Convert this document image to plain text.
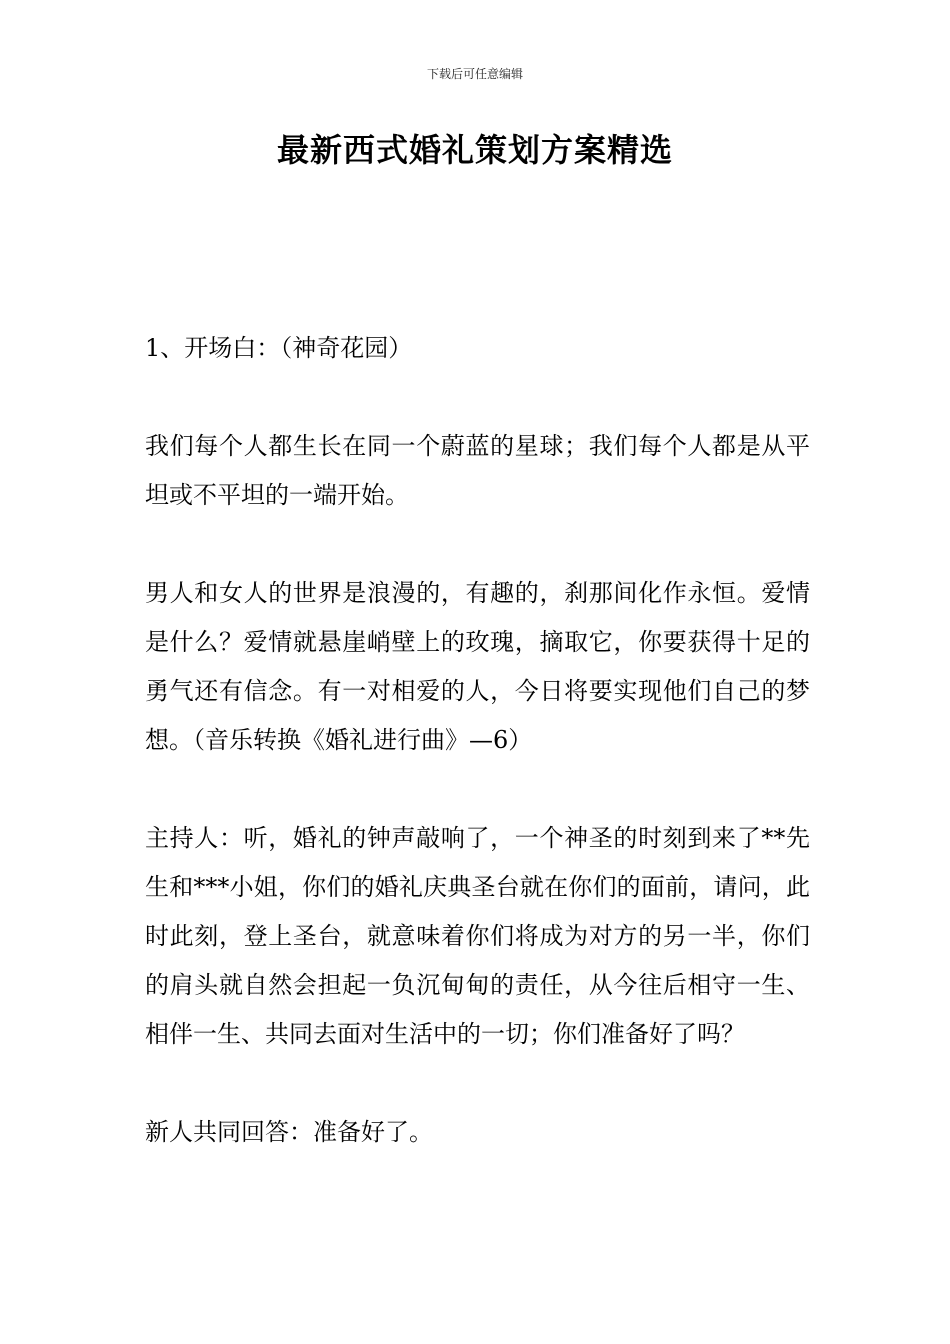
下载后可任意编辑
最新西式婚礼策划方案精选

1、开场白：（神奇花园）

我们每个人都生长在同一个蔚蓝的星球；我们每个人都是从平坦或不平坦的一端开始。

男人和女人的世界是浪漫的，有趣的，刹那间化作永恒。爱情是什么？爱情就悬崖峭壁上的玫瑰，摘取它，你要获得十足的勇气还有信念。有一对相爱的人，今日将要实现他们自己的梦想。（音乐转换《婚礼进行曲》—6）

主持人：听，婚礼的钟声敲响了，一个神圣的时刻到来了**先生和***小姐，你们的婚礼庆典圣台就在你们的面前，请问，此时此刻，登上圣台，就意味着你们将成为对方的另一半，你们的肩头就自然会担起一负沉甸甸的责任，从今往后相守一生、相伴一生、共同去面对生活中的一切；你们准备好了吗？

新人共同回答：准备好了。
